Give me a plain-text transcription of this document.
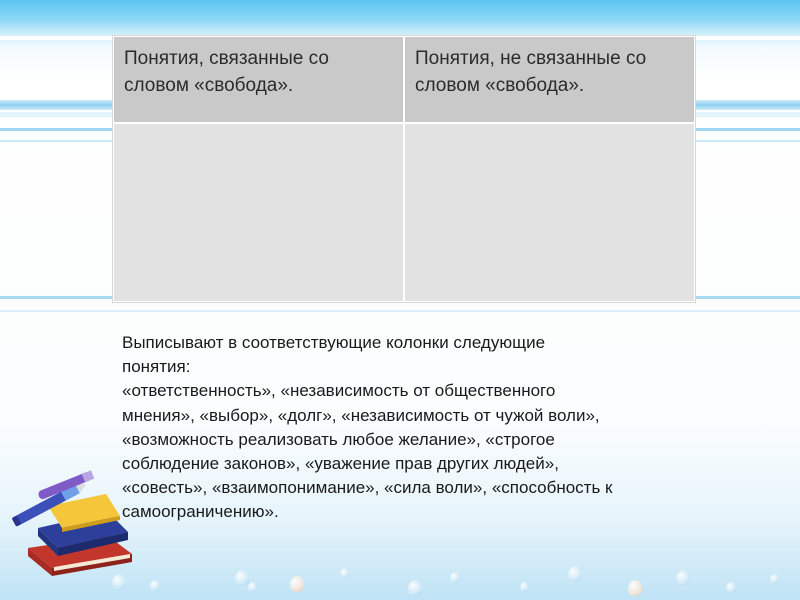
Понятия, связанные со словом «свобода».
Понятия, не связанные со словом «свобода».
Выписывают в соответствующие колонки следующие
понятия:
«ответственность», «независимость от общественного
мнения», «выбор», «долг», «независимость от чужой воли»,
«возможность реализовать любое желание», «строгое
соблюдение законов», «уважение прав других людей»,
«совесть», «взаимопонимание», «сила воли», «способность к
самоограничению».
